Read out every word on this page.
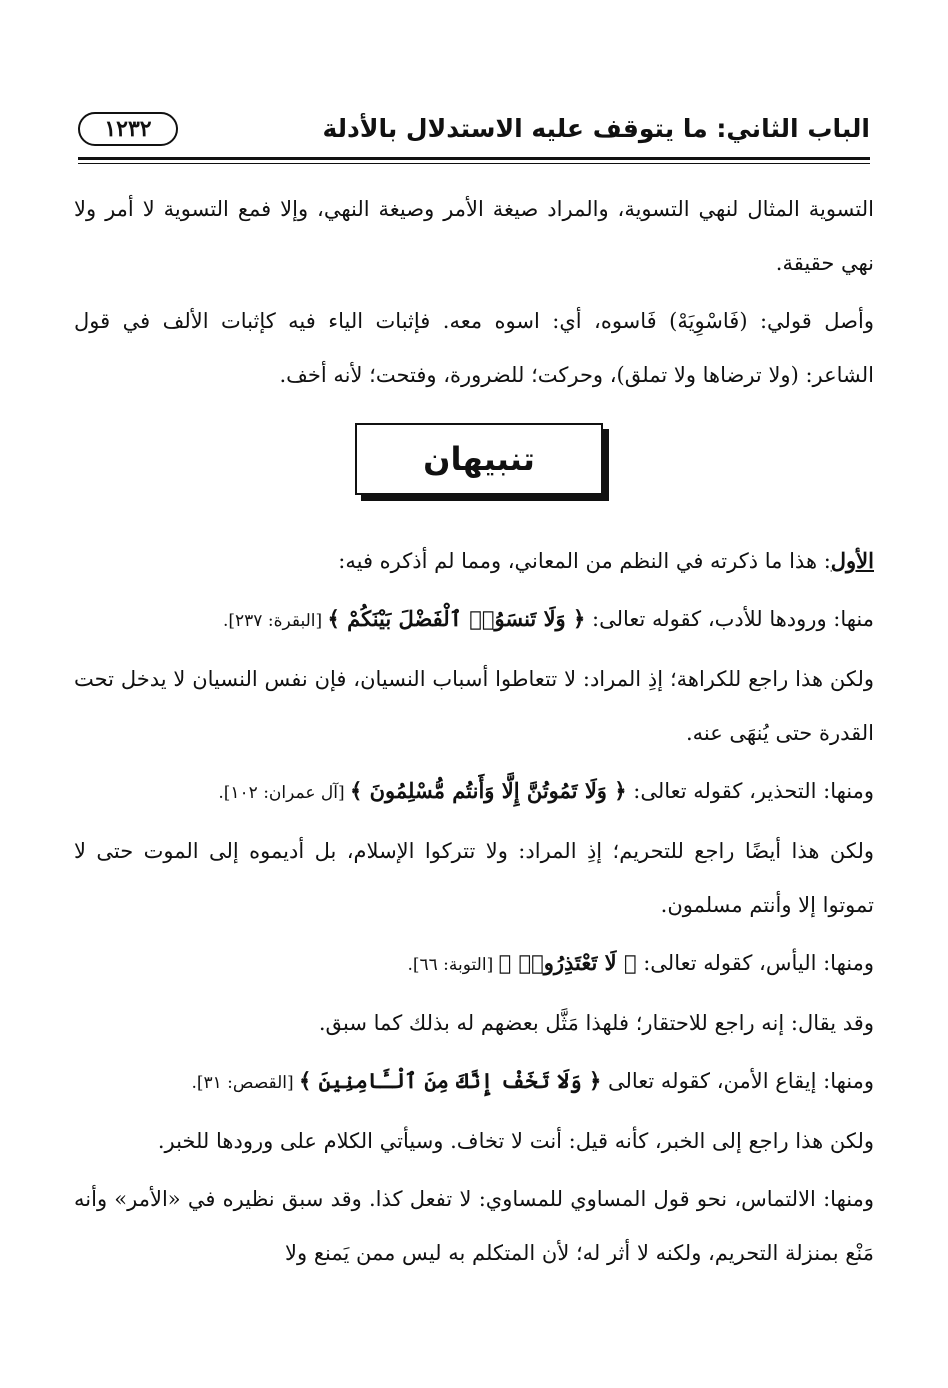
الباب الثاني: ما يتوقف عليه الاستدلال بالأدلة
١٢٣٢

التسوية المثال لنهي التسوية، والمراد صيغة الأمر وصيغة النهي، وإلا فمع التسوية لا أمر ولا نهي حقيقة.

وأصل قولي: (فَاسْوِيَهْ) فَاسوه، أي: اسوه معه. فإثبات الياء فيه كإثبات الألف في قول الشاعر: (ولا ترضاها ولا تملق)، وحركت؛ للضرورة، وفتحت؛ لأنه أخف.

تنبيهان

الأول: هذا ما ذكرته في النظم من المعاني، ومما لم أذكره فيه:

منها: ورودها للأدب، كقوله تعالى: ﴿ وَلَا تَنسَوُا۟ ٱلْفَضْلَ بَيْنَكُمْ ﴾ [البقرة: ٢٣٧].

ولكن هذا راجع للكراهة؛ إذِ المراد: لا تتعاطوا أسباب النسيان، فإن نفس النسيان لا يدخل تحت القدرة حتى يُنهَى عنه.

ومنها: التحذير، كقوله تعالى: ﴿ وَلَا تَمُوتُنَّ إِلَّا وَأَنتُم مُّسْلِمُونَ ﴾ [آل عمران: ١٠٢].

ولكن هذا أيضًا راجع للتحريم؛ إذِ المراد: ولا تتركوا الإسلام، بل أديموه إلى الموت حتى لا تموتوا إلا وأنتم مسلمون.

ومنها: اليأس، كقوله تعالى: ﴿ لَا تَعْتَذِرُوا۟ ﴾ [التوبة: ٦٦].

وقد يقال: إنه راجع للاحتقار؛ فلهذا مَثَّل بعضهم له بذلك كما سبق.

ومنها: إيقاع الأمن، كقوله تعالى ﴿ وَلَا تَخَفْ إِنَّكَ مِنَ ٱلْـَٔامِنِينَ ﴾ [القصص: ٣١].

ولكن هذا راجع إلى الخبر، كأنه قيل: أنت لا تخاف. وسيأتي الكلام على ورودها للخبر.

ومنها: الالتماس، نحو قول المساوي للمساوي: لا تفعل كذا. وقد سبق نظيره في «الأمر» وأنه مَنْع بمنزلة التحريم، ولكنه لا أثر له؛ لأن المتكلم به ليس ممن يَمنع ولا
